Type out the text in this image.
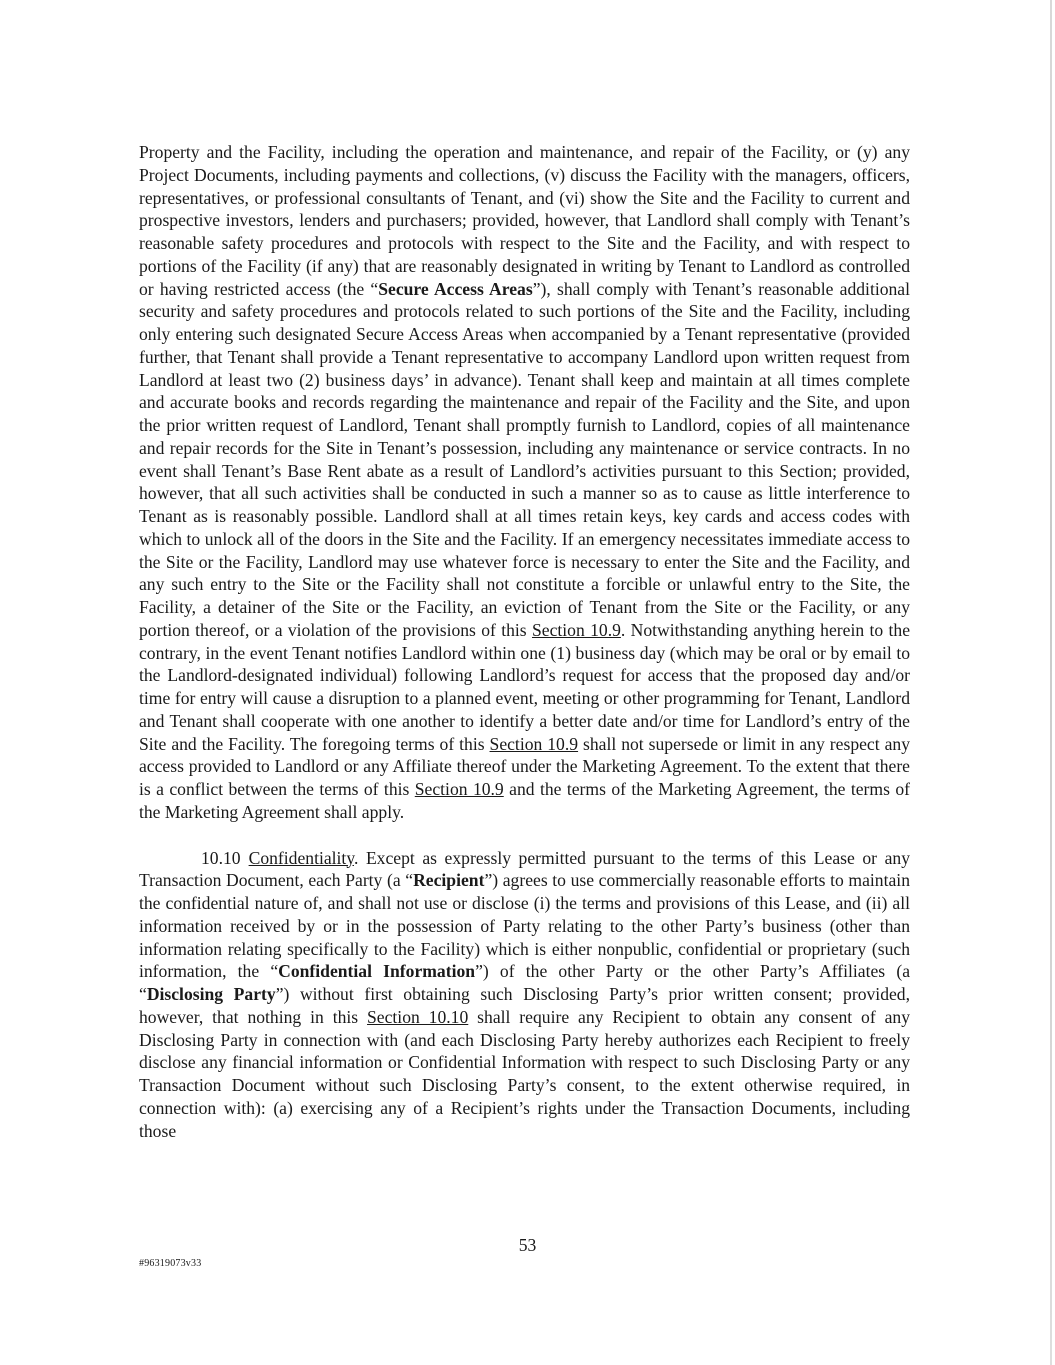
Property and the Facility, including the operation and maintenance, and repair of the Facility, or (y) any Project Documents, including payments and collections, (v) discuss the Facility with the managers, officers, representatives, or professional consultants of Tenant, and (vi) show the Site and the Facility to current and prospective investors, lenders and purchasers; provided, however, that Landlord shall comply with Tenant’s reasonable safety procedures and protocols with respect to the Site and the Facility, and with respect to portions of the Facility (if any) that are reasonably designated in writing by Tenant to Landlord as controlled or having restricted access (the “Secure Access Areas”), shall comply with Tenant’s reasonable additional security and safety procedures and protocols related to such portions of the Site and the Facility, including only entering such designated Secure Access Areas when accompanied by a Tenant representative (provided further, that Tenant shall provide a Tenant representative to accompany Landlord upon written request from Landlord at least two (2) business days’ in advance). Tenant shall keep and maintain at all times complete and accurate books and records regarding the maintenance and repair of the Facility and the Site, and upon the prior written request of Landlord, Tenant shall promptly furnish to Landlord, copies of all maintenance and repair records for the Site in Tenant’s possession, including any maintenance or service contracts. In no event shall Tenant’s Base Rent abate as a result of Landlord’s activities pursuant to this Section; provided, however, that all such activities shall be conducted in such a manner so as to cause as little interference to Tenant as is reasonably possible. Landlord shall at all times retain keys, key cards and access codes with which to unlock all of the doors in the Site and the Facility. If an emergency necessitates immediate access to the Site or the Facility, Landlord may use whatever force is necessary to enter the Site and the Facility, and any such entry to the Site or the Facility shall not constitute a forcible or unlawful entry to the Site, the Facility, a detainer of the Site or the Facility, an eviction of Tenant from the Site or the Facility, or any portion thereof, or a violation of the provisions of this Section 10.9. Notwithstanding anything herein to the contrary, in the event Tenant notifies Landlord within one (1) business day (which may be oral or by email to the Landlord-designated individual) following Landlord’s request for access that the proposed day and/or time for entry will cause a disruption to a planned event, meeting or other programming for Tenant, Landlord and Tenant shall cooperate with one another to identify a better date and/or time for Landlord’s entry of the Site and the Facility. The foregoing terms of this Section 10.9 shall not supersede or limit in any respect any access provided to Landlord or any Affiliate thereof under the Marketing Agreement. To the extent that there is a conflict between the terms of this Section 10.9 and the terms of the Marketing Agreement, the terms of the Marketing Agreement shall apply.

10.10 Confidentiality. Except as expressly permitted pursuant to the terms of this Lease or any Transaction Document, each Party (a “Recipient”) agrees to use commercially reasonable efforts to maintain the confidential nature of, and shall not use or disclose (i) the terms and provisions of this Lease, and (ii) all information received by or in the possession of Party relating to the other Party’s business (other than information relating specifically to the Facility) which is either nonpublic, confidential or proprietary (such information, the “Confidential Information”) of the other Party or the other Party’s Affiliates (a “Disclosing Party”) without first obtaining such Disclosing Party’s prior written consent; provided, however, that nothing in this Section 10.10 shall require any Recipient to obtain any consent of any Disclosing Party in connection with (and each Disclosing Party hereby authorizes each Recipient to freely disclose any financial information or Confidential Information with respect to such Disclosing Party or any Transaction Document without such Disclosing Party’s consent, to the extent otherwise required, in connection with): (a) exercising any of a Recipient’s rights under the Transaction Documents, including those

53
#96319073v33
